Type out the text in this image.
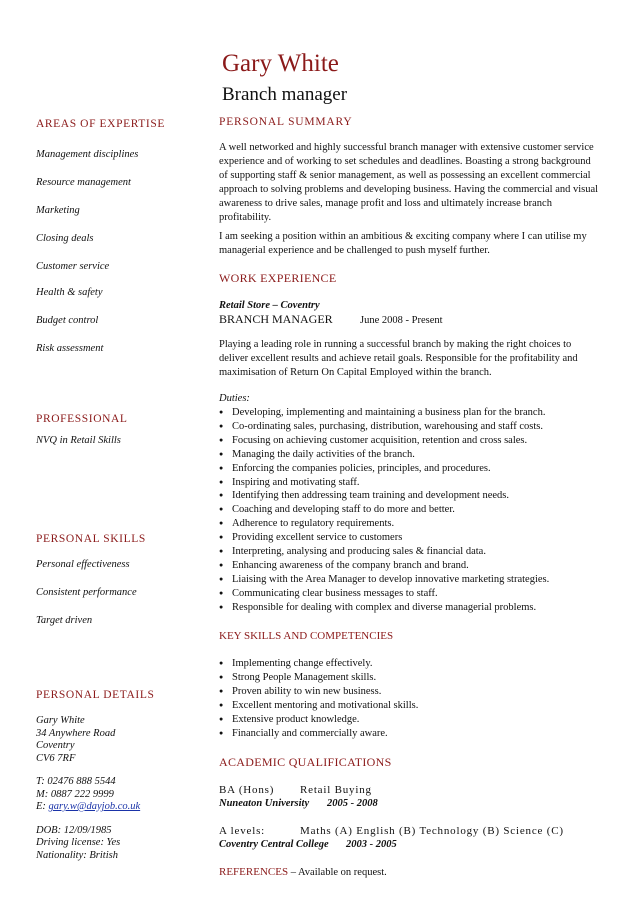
Gary White
Branch manager
AREAS OF EXPERTISE
Management disciplines
Resource management
Marketing
Closing deals
Customer service
Health & safety
Budget control
Risk assessment
PROFESSIONAL
NVQ in Retail Skills
PERSONAL SKILLS
Personal effectiveness
Consistent performance
Target driven
PERSONAL DETAILS
Gary White
34 Anywhere Road
Coventry
CV6 7RF
T: 02476 888 5544
M: 0887 222 9999
E: gary.w@dayjob.co.uk
DOB: 12/09/1985
Driving license: Yes
Nationality: British
PERSONAL SUMMARY
A well networked and highly successful branch manager with extensive customer service experience and of working to set schedules and deadlines. Boasting a strong background of supporting staff & senior management, as well as possessing an excellent commercial approach to solving problems and developing business. Having the commercial and visual awareness to drive sales, manage profit and loss and ultimately increase branch profitability.
I am seeking a position within an ambitious & exciting company where I can utilise my managerial experience and be challenged to push myself further.
WORK EXPERIENCE
Retail Store – Coventry
BRANCH MANAGER	June 2008 - Present
Playing a leading role in running a successful branch by making the right choices to deliver excellent results and achieve retail goals. Responsible for the profitability and maximisation of Return On Capital Employed within the branch.
Duties:
● Developing, implementing and maintaining a business plan for the branch.
● Co-ordinating sales, purchasing, distribution, warehousing and staff costs.
● Focusing on achieving customer acquisition, retention and cross sales.
● Managing the daily activities of the branch.
● Enforcing the companies policies, principles, and procedures.
● Inspiring and motivating staff.
● Identifying then addressing team training and development needs.
● Coaching and developing staff to do more and better.
● Adherence to regulatory requirements.
● Providing excellent service to customers
● Interpreting, analysing and producing sales & financial data.
● Enhancing awareness of the company branch and brand.
● Liaising with the Area Manager to develop innovative marketing strategies.
● Communicating clear business messages to staff.
● Responsible for dealing with complex and diverse managerial problems.
KEY SKILLS AND COMPETENCIES
● Implementing change effectively.
● Strong People Management skills.
● Proven ability to win new business.
● Excellent mentoring and motivational skills.
● Extensive product knowledge.
● Financially and commercially aware.
ACADEMIC QUALIFICATIONS
BA (Hons) Retail Buying
Nuneaton University 2005 - 2008
A levels:	Maths (A) English (B) Technology (B) Science (C)
Coventry Central College 2003 - 2005
REFERENCES – Available on request.
